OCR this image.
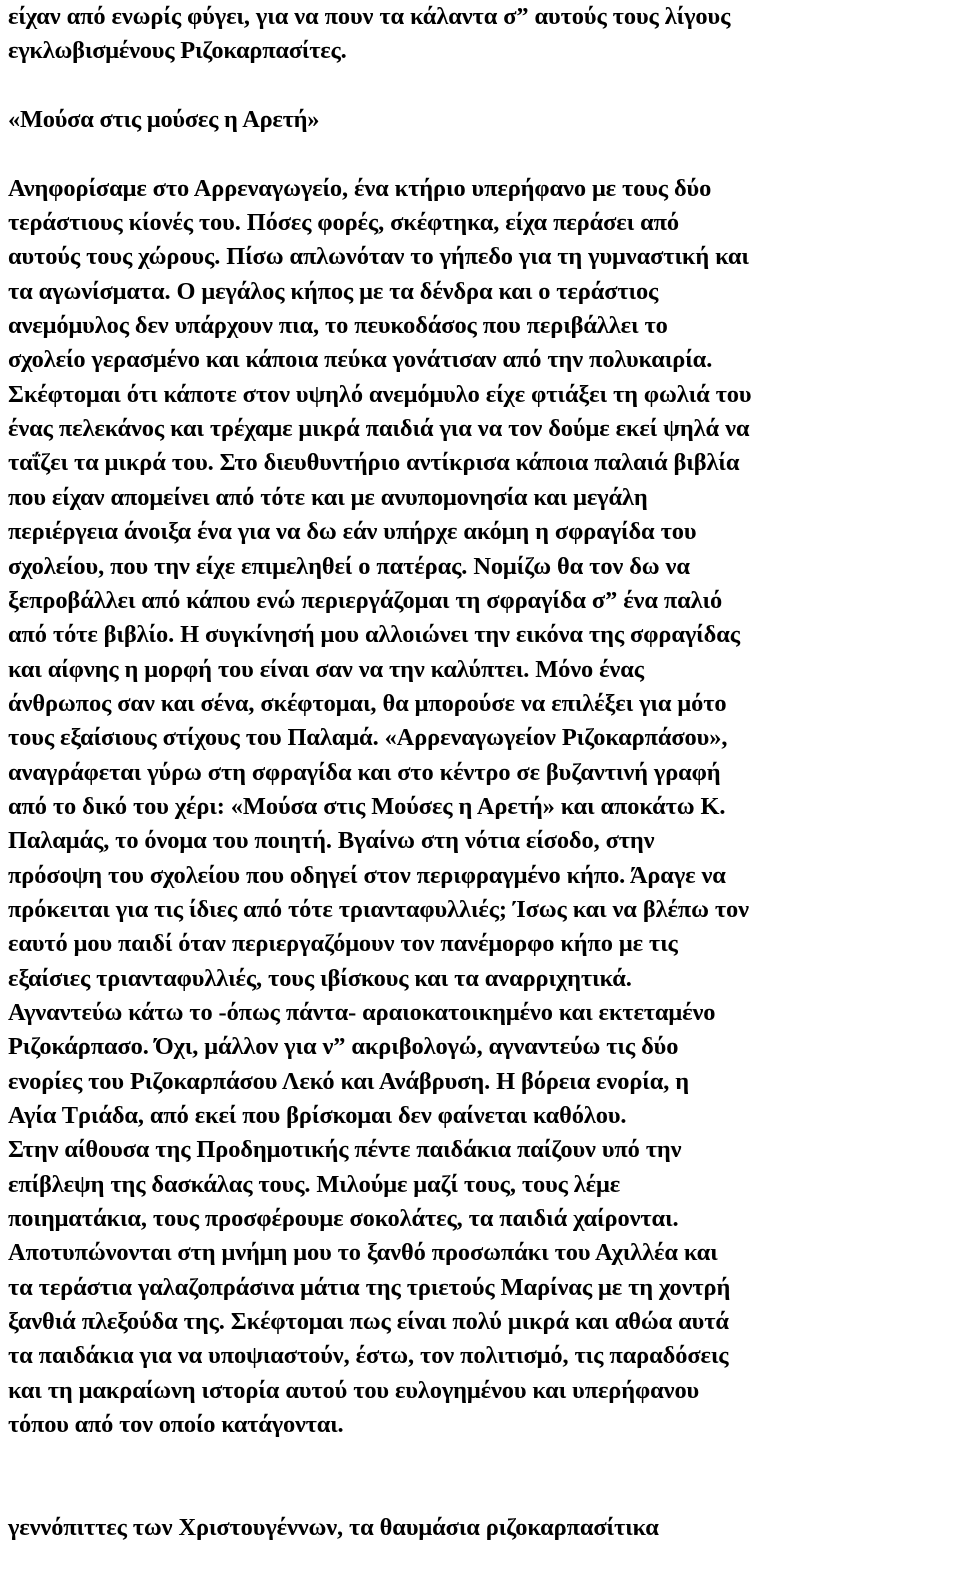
είχαν από ενωρίς φύγει, για να πουν τα κάλαντα σ” αυτούς τους λίγους
εγκλωβισμένους Ριζοκαρπασίτες.
«Μούσα στις μούσες η Αρετή»
Ανηφορίσαμε στο Αρρεναγωγείο, ένα κτήριο υπερήφανο με τους δύο
τεράστιους κίονές του. Πόσες φορές, σκέφτηκα, είχα περάσει από
αυτούς τους χώρους. Πίσω απλωνόταν το γήπεδο για τη γυμναστική και
τα αγωνίσματα. Ο μεγάλος κήπος με τα δένδρα και ο τεράστιος
ανεμόμυλος δεν υπάρχουν πια, το πευκοδάσος που περιβάλλει το
σχολείο γερασμένο και κάποια πεύκα γονάτισαν από την πολυκαιρία.
Σκέφτομαι ότι κάποτε στον υψηλό ανεμόμυλο είχε φτιάξει τη φωλιά του
ένας πελεκάνος και τρέχαμε μικρά παιδιά για να τον δούμε εκεί ψηλά να
ταΐζει τα μικρά του. Στο διευθυντήριο αντίκρισα κάποια παλαιά βιβλία
που είχαν απομείνει από τότε και με ανυπομονησία και μεγάλη
περιέργεια άνοιξα ένα για να δω εάν υπήρχε ακόμη η σφραγίδα του
σχολείου, που την είχε επιμεληθεί ο πατέρας. Νομίζω θα τον δω να
ξεπροβάλλει από κάπου ενώ περιεργάζομαι τη σφραγίδα σ” ένα παλιό
από τότε βιβλίο. Η συγκίνησή μου αλλοιώνει την εικόνα της σφραγίδας
και αίφνης η μορφή του είναι σαν να την καλύπτει. Μόνο ένας
άνθρωπος σαν και σένα, σκέφτομαι, θα μπορούσε να επιλέξει για μότο
τους εξαίσιους στίχους του Παλαμά. «Αρρεναγωγείον Ριζοκαρπάσου»,
αναγράφεται γύρω στη σφραγίδα και στο κέντρο σε βυζαντινή γραφή
από το δικό του χέρι: «Μούσα στις Μούσες η Αρετή» και αποκάτω Κ.
Παλαμάς, το όνομα του ποιητή. Βγαίνω στη νότια είσοδο, στην
πρόσοψη του σχολείου που οδηγεί στον περιφραγμένο κήπο. Άραγε να
πρόκειται για τις ίδιες από τότε τριανταφυλλιές; Ίσως και να βλέπω τον
εαυτό μου παιδί όταν περιεργαζόμουν τον πανέμορφο κήπο με τις
εξαίσιες τριανταφυλλιές, τους ιβίσκους και τα αναρριχητικά.
Αγναντεύω κάτω το -όπως πάντα- αραιοκατοικημένο και εκτεταμένο
Ριζοκάρπασο. Όχι, μάλλον για ν” ακριβολογώ, αγναντεύω τις δύο
ενορίες του Ριζοκαρπάσου Λεκό και Ανάβρυση. Η βόρεια ενορία, η
Αγία Τριάδα, από εκεί που βρίσκομαι δεν φαίνεται καθόλου.
Στην αίθουσα της Προδημοτικής πέντε παιδάκια παίζουν υπό την
επίβλεψη της δασκάλας τους. Μιλούμε μαζί τους, τους λέμε
ποιηματάκια, τους προσφέρουμε σοκολάτες, τα παιδιά χαίρονται.
Αποτυπώνονται στη μνήμη μου το ξανθό προσωπάκι του Αχιλλέα και
τα τεράστια γαλαζοπράσινα μάτια της τριετούς Μαρίνας με τη χοντρή
ξανθιά πλεξούδα της. Σκέφτομαι πως είναι πολύ μικρά και αθώα αυτά
τα παιδάκια για να υποψιαστούν, έστω, τον πολιτισμό, τις παραδόσεις
και τη μακραίωνη ιστορία αυτού του ευλογημένου και υπερήφανου
τόπου από τον οποίο κατάγονται.
γεννόπιττες των Χριστουγέννων, τα θαυμάσια ριζοκαρπασίτικα
